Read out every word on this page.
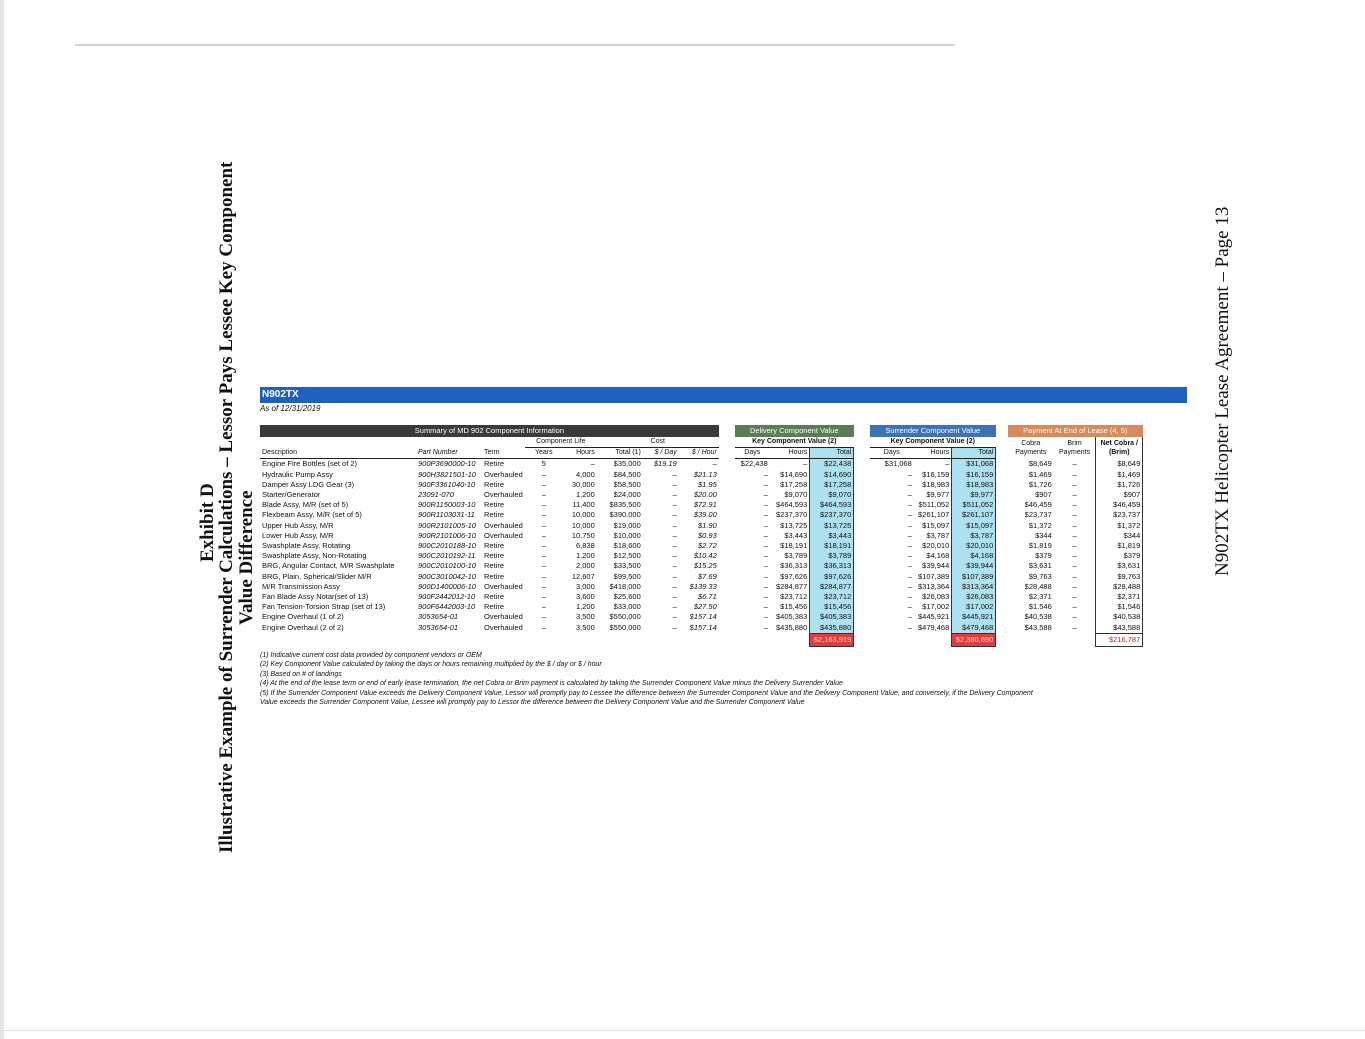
Exhibit D
Illustrative Example of Surrender Calculations – Lessor Pays Lessee Key Component Value Difference	N902TX Helicopter Lease Agreement – Page 13
N902TX
As of 12/31/2019
Summary of MD 902 Component Information									Delivery Component Value				Surrender Component Value				Payment At End of Lease (4, 5)		
			Component Life		Cost				Key Component Value (2)				Key Component Value (2)				Cobra Payments	Brim Payments	Net Cobra / (Brim)
Description	Part Number	Term	Years	Hours	Total (1)	$ / Day	$ / Hour		Days	Hours	Total		Days	Hours	Total				
Engine Fire Bottles (set of 2)	900P3690000-10	Retire	5	–	$35,000	$19.19	–		$22,438	–	$22,438		$31,068	–	$31,068		$8,649	–	$8,649
Hydraulic Pump Assy	900H3821501-10	Overhauled	–	4,000	$84,500	–	$21.13		–	$14,690	$14,690		–	$16,159	$16,159		$1,469	–	$1,469
Damper Assy LDG Gear (3)	900F3361040-10	Retire	–	30,000	$58,500	–	$1.95		–	$17,258	$17,258		–	$18,983	$18,983		$1,726	–	$1,726
Starter/Generator	23091-070	Overhauled	–	1,200	$24,000	–	$20.00		–	$9,070	$9,070		–	$9,977	$9,977		$907	–	$907
Blade Assy, M/R (set of 5)	900R1150003-10	Retire	–	11,400	$835,500	–	$72.91		–	$464,593	$464,593		–	$511,052	$511,052		$46,459	–	$46,459
Flexbeam Assy, M/R (set of 5)	900R1103031-11	Retire	–	10,000	$390,000	–	$39.00		–	$237,370	$237,370		–	$261,107	$261,107		$23,737	–	$23,737
Upper Hub Assy, M/R	900R2101005-10	Overhauled	–	10,000	$19,000	–	$1.90		–	$13,725	$13,725		–	$15,097	$15,097		$1,372	–	$1,372
Lower Hub Assy, M/R	900R2101006-10	Overhauled	–	10,750	$10,000	–	$0.93		–	$3,443	$3,443		–	$3,787	$3,787		$344	–	$344
Swashplate Assy, Rotating	900C2010188-10	Retire	–	6,838	$18,600	–	$2.72		–	$18,191	$18,191		–	$20,010	$20,010		$1,819	–	$1,819
Swashplate Assy, Non-Rotating	900C2010192-11	Retire	–	1,200	$12,500	–	$10.42		–	$3,789	$3,789		–	$4,168	$4,168		$379	–	$379
BRG, Angular Contact, M/R Swashplate	900C2010100-10	Retire	–	2,000	$33,500	–	$15.25		–	$36,313	$36,313		–	$39,944	$39,944		$3,631	–	$3,631
BRG, Plain, Spherical/Slider M/R	900C3010042-10	Retire	–	12,607	$99,500	–	$7.69		–	$97,626	$97,626		–	$107,389	$107,389		$9,763	–	$9,763
M/R Transmission Assy	900D1400006-10	Overhauled	–	3,000	$418,000	–	$139.33		–	$284,877	$284,877		–	$313,364	$313,364		$28,488	–	$28,488
Fan Blade Assy Notar(set of 13)	900F2442012-10	Retire	–	3,600	$25,600	–	$6.71		–	$23,712	$23,712		–	$26,083	$26,083		$2,371	–	$2,371
Fan Tension-Torsion Strap (set of 13)	900F6442003-10	Retire	–	1,200	$33,000	–	$27.50		–	$15,456	$15,456		–	$17,002	$17,002		$1,546	–	$1,546
Engine Overhaul (1 of 2)	3053654-01	Overhauled	–	3,500	$550,000	–	$157.14		–	$405,383	$405,383		–	$445,921	$445,921		$40,538	–	$40,538
Engine Overhaul (2 of 2)	3053654-01	Overhauled	–	3,500	$550,000	–	$157.14		–	$435,880	$435,880		–	$479,468	$479,468		$43,588	–	$43,588
											$2,163,919				$2,380,690				$216,787
(1) Indicative current cost data provided by component vendors or OEM
(2) Key Component Value calculated by taking the days or hours remaining multiplied by the $ / day or $ / hour
(3) Based on # of landings
(4) At the end of the lease term or end of early lease termination, the net Cobra or Brim payment is calculated by taking the Surrender Component Value minus the Delivery Surrender Value
(5) If the Surrender Component Value exceeds the Delivery Component Value, Lessor will promptly pay to Lessee the difference between the Surrender Component Value and the Delivery Component Value, and conversely, if the Delivery Component
Value exceeds the Surrender Component Value, Lessee will promptly pay to Lessor the difference between the Delivery Component Value and the Surrender Component Value
